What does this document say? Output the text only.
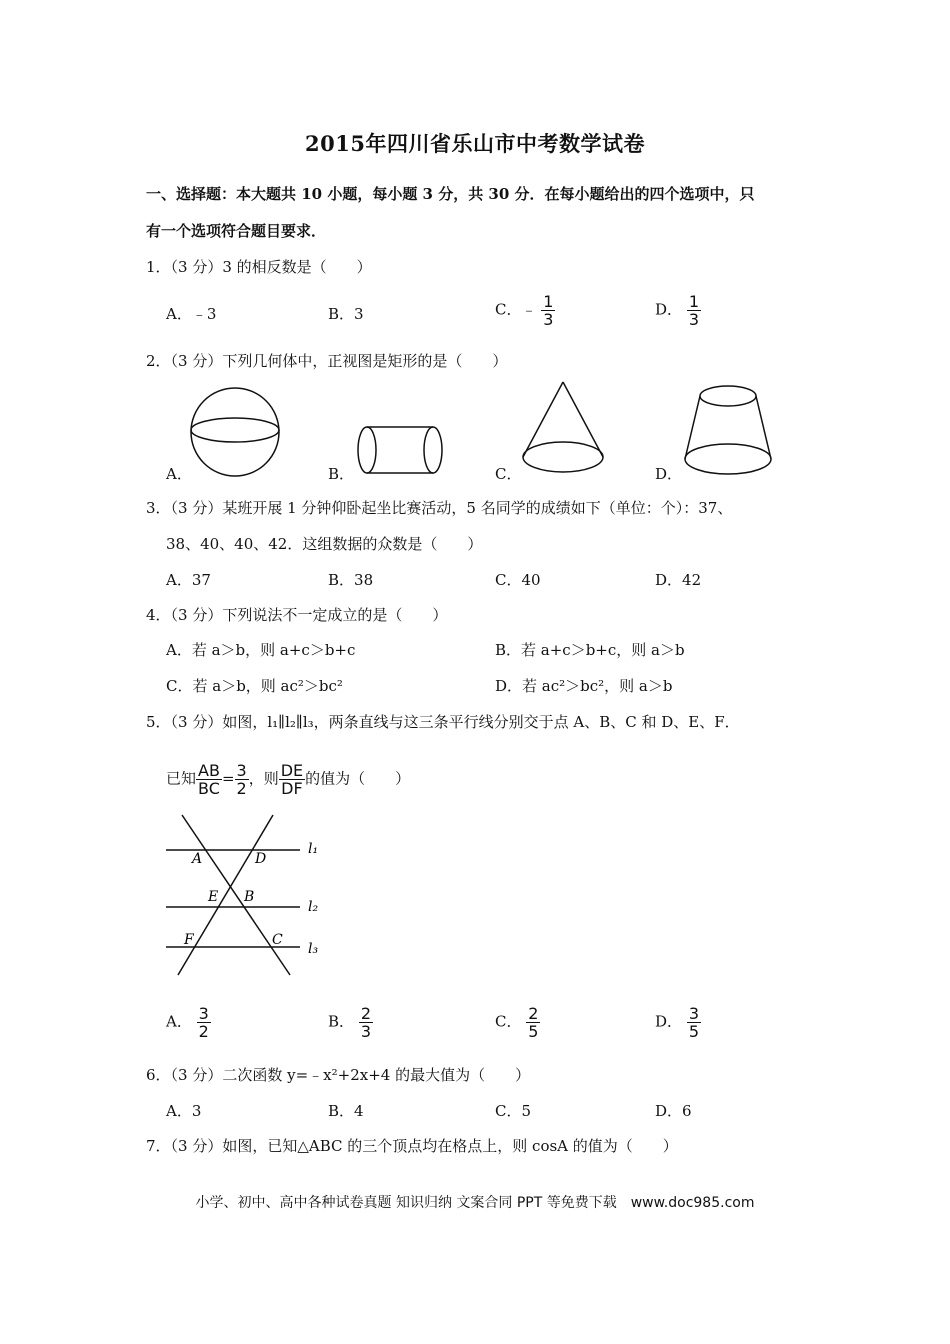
2015年四川省乐山市中考数学试卷
一、选择题：本大题共 10 小题，每小题 3 分，共 30 分．在每小题给出的四个选项中，只
有一个选项符合题目要求．
1．（3 分）3 的相反数是（　　）
A．﹣3	B．3	C．﹣ $\frac{1}{3}$	D． $\frac{1}{3}$
2．（3 分）下列几何体中，正视图是矩形的是（　　）
A．	B．	C．	D．
3．（3 分）某班开展 1 分钟仰卧起坐比赛活动，5 名同学的成绩如下（单位：个）：37、
38、40、40、42．这组数据的众数是（　　）
A．37	B．38	C．40	D．42
4．（3 分）下列说法不一定成立的是（　　）
A．若 a＞b，则 a+c＞b+c	B．若 a+c＞b+c，则 a＞b
C．若 a＞b，则 ac²＞bc²	D．若 ac²＞bc²，则 a＞b
5．（3 分）如图，l₁∥l₂∥l₃，两条直线与这三条平行线分别交于点 A、B、C 和 D、E、F．
已知 $\frac{AB}{BC} = \frac{3}{2}$ ，则 $\frac{DE}{DF}$ 的值为（　　）
A	D
E B
F	C
l₁
l₂
l₃
A． $\frac{3}{2}$	B． $\frac{2}{3}$	C． $\frac{2}{5}$	D． $\frac{3}{5}$
6．（3 分）二次函数 y=﹣x²+2x+4 的最大值为（　　）
A．3	B．4	C．5	D．6
7．（3 分）如图，已知△ABC 的三个顶点均在格点上，则 cosA 的值为（　　）
小学、初中、高中各种试卷真题 知识归纳 文案合同 PPT 等免费下载　www.doc985.com
